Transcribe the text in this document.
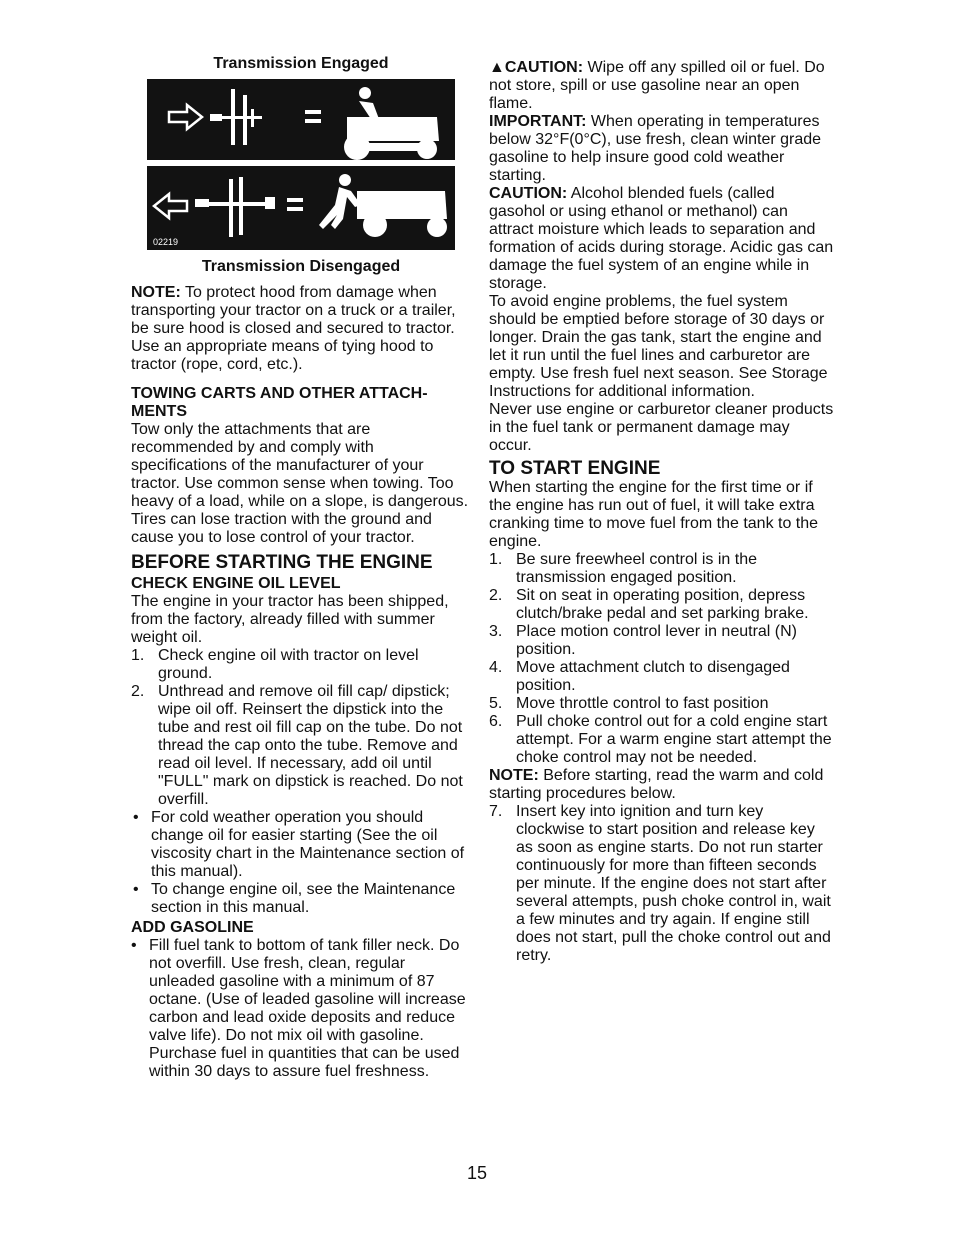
Transmission Engaged
02219
Transmission Disengaged

NOTE: To protect hood from damage when transporting your tractor on a truck or a trailer, be sure hood is closed and secured to tractor. Use an appropriate means of tying hood to tractor (rope, cord, etc.).

TOWING CARTS AND OTHER ATTACH-MENTS

Tow only the attachments that are recommended by and comply with specifications of the manufacturer of your tractor. Use common sense when towing. Too heavy of a load, while on a slope, is dangerous. Tires can lose traction with the ground and cause you to lose control of your tractor.

BEFORE STARTING THE ENGINE

CHECK ENGINE OIL LEVEL

The engine in your tractor has been shipped, from the factory, already filled with summer weight oil.

1. Check engine oil with tractor on level ground.
2. Unthread and remove oil fill cap/ dipstick; wipe oil off. Reinsert the dipstick into the tube and rest oil fill cap on the tube. Do not thread the cap onto the tube. Remove and read oil level. If necessary, add oil until "FULL" mark on dipstick is reached. Do not overfill.
• For cold weather operation you should change oil for easier starting (See the oil viscosity chart in the Maintenance section of this manual).
• To change engine oil, see the Maintenance section in this manual.

ADD GASOLINE

• Fill fuel tank to bottom of tank filler neck. Do not overfill. Use fresh, clean, regular unleaded gasoline with a minimum of 87 octane. (Use of leaded gasoline will increase carbon and lead oxide deposits and reduce valve life). Do not mix oil with gasoline. Purchase fuel in quantities that can be used within 30 days to assure fuel freshness.

▲CAUTION: Wipe off any spilled oil or fuel. Do not store, spill or use gasoline near an open flame.

IMPORTANT: When operating in temperatures below 32°F(0°C), use fresh, clean winter grade gasoline to help insure good cold weather starting.

CAUTION: Alcohol blended fuels (called gasohol or using ethanol or methanol) can attract moisture which leads to separation and formation of acids during storage. Acidic gas can damage the fuel system of an engine while in storage.

To avoid engine problems, the fuel system should be emptied before storage of 30 days or longer. Drain the gas tank, start the engine and let it run until the fuel lines and carburetor are empty. Use fresh fuel next season. See Storage Instructions for additional information.

Never use engine or carburetor cleaner products in the fuel tank or permanent damage may occur.

TO START ENGINE

When starting the engine for the first time or if the engine has run out of fuel, it will take extra cranking time to move fuel from the tank to the engine.

1. Be sure freewheel control is in the transmission engaged position.
2. Sit on seat in operating position, depress clutch/brake pedal and set parking brake.
3. Place motion control lever in neutral (N) position.
4. Move attachment clutch to disengaged position.
5. Move throttle control to fast position
6. Pull choke control out for a cold engine start attempt. For a warm engine start attempt the choke control may not be needed.

NOTE: Before starting, read the warm and cold starting procedures below.

7. Insert key into ignition and turn key clockwise to start position and release key as soon as engine starts. Do not run starter continuously for more than fifteen seconds per minute. If the engine does not start after several attempts, push choke control in, wait a few minutes and try again. If engine still does not start, pull the choke control out and retry.
15
